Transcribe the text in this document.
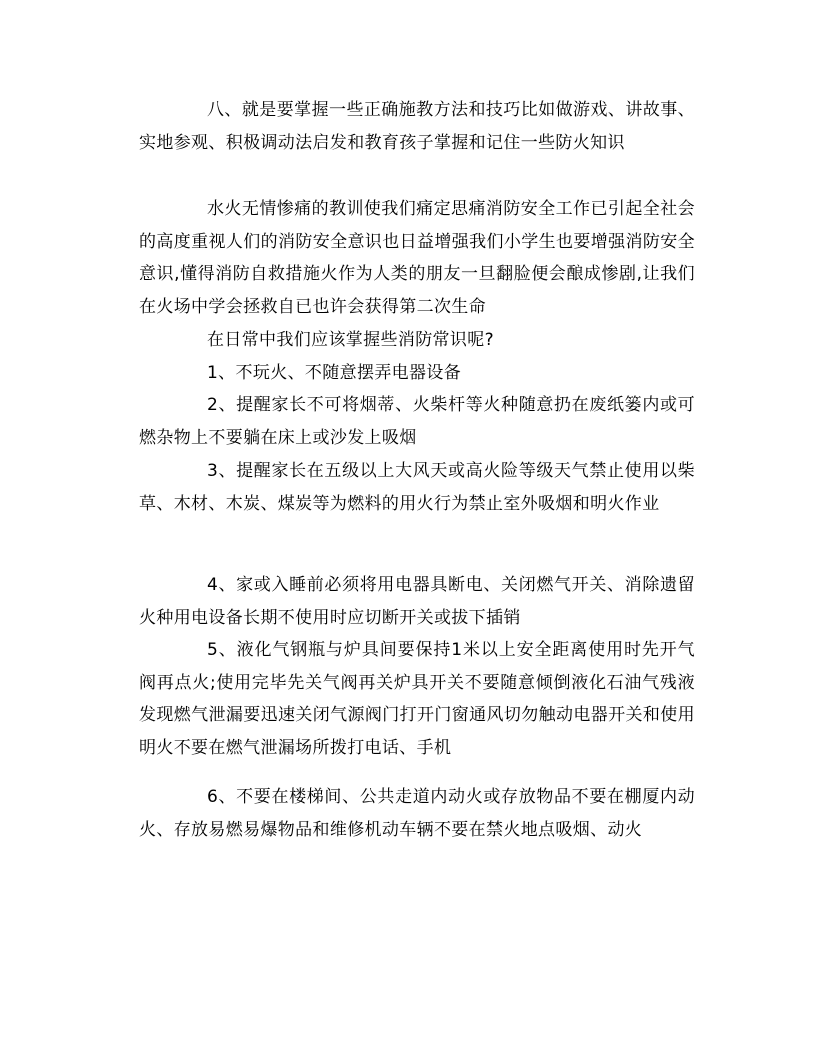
八、就是要掌握一些正确施教方法和技巧比如做游戏、讲故事、实地参观、积极调动法启发和教育孩子掌握和记住一些防火知识

水火无情惨痛的教训使我们痛定思痛消防安全工作已引起全社会的高度重视人们的消防安全意识也日益增强我们小学生也要增强消防安全意识,懂得消防自救措施火作为人类的朋友一旦翻脸便会酿成惨剧,让我们在火场中学会拯救自已也许会获得第二次生命

在日常中我们应该掌握些消防常识呢?

1、不玩火、不随意摆弄电器设备

2、提醒家长不可将烟蒂、火柴杆等火种随意扔在废纸篓内或可燃杂物上不要躺在床上或沙发上吸烟

3、提醒家长在五级以上大风天或高火险等级天气禁止使用以柴草、木材、木炭、煤炭等为燃料的用火行为禁止室外吸烟和明火作业

4、家或入睡前必须将用电器具断电、关闭燃气开关、消除遗留火种用电设备长期不使用时应切断开关或拔下插销

5、液化气钢瓶与炉具间要保持1米以上安全距离使用时先开气阀再点火;使用完毕先关气阀再关炉具开关不要随意倾倒液化石油气残液发现燃气泄漏要迅速关闭气源阀门打开门窗通风切勿触动电器开关和使用明火不要在燃气泄漏场所拨打电话、手机

6、不要在楼梯间、公共走道内动火或存放物品不要在棚厦内动火、存放易燃易爆物品和维修机动车辆不要在禁火地点吸烟、动火
